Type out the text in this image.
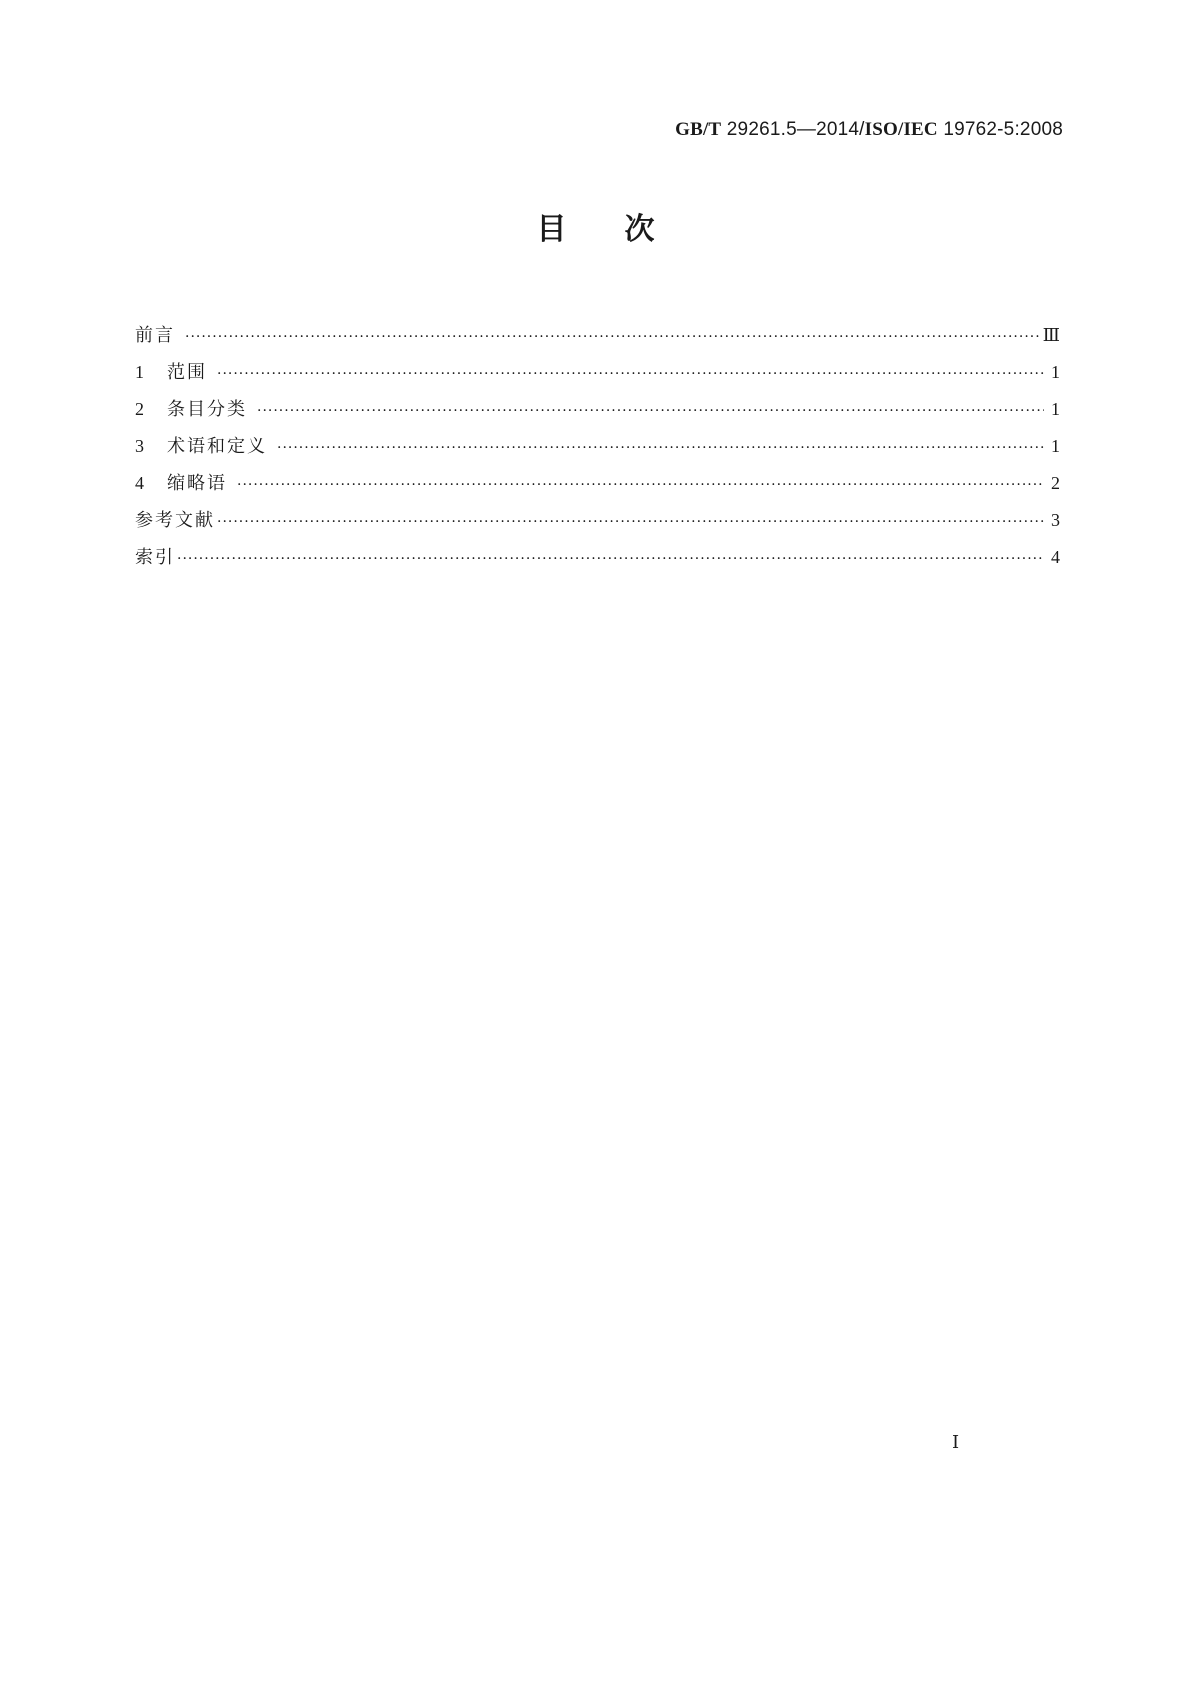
GB/T 29261.5—2014/ISO/IEC 19762-5:2008
目次
前言 ·····	Ⅲ
1	范围 ·····	1
2	条目分类 ·····	1
3	术语和定义 ·····	1
4	缩略语 ·····	2
参考文献 ·····	3
索引 ·····	4
Ⅰ
